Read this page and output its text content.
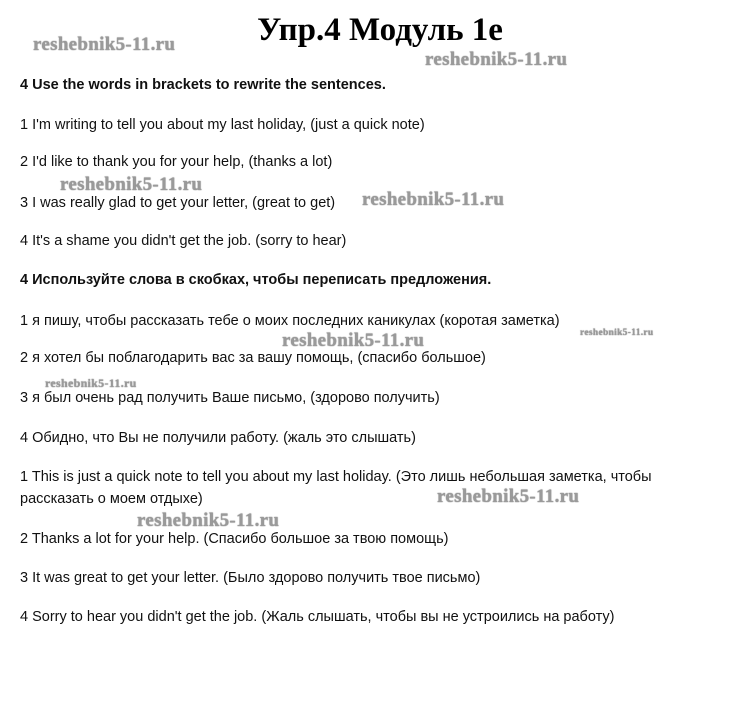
Упр.4 Модуль 1е
4 Use the words in brackets to rewrite the sentences.
1 I'm writing to tell you about my last holiday, (just a quick note)
2 I'd like to thank you for your help, (thanks a lot)
3 I was really glad to get your letter, (great to get)
4 It's a shame you didn't get the job. (sorry to hear)
4 Используйте слова в скобках, чтобы переписать предложения.
1 я пишу, чтобы рассказать тебе о моих последних каникулах (коротая заметка)
2 я хотел бы поблагодарить вас за вашу помощь, (спасибо большое)
3 я был очень рад получить Ваше письмо, (здорово получить)
4 Обидно, что Вы не получили работу. (жаль это слышать)
1 This is just a quick note to tell you about my last holiday. (Это лишь небольшая заметка, чтобы рассказать о моем отдыхе)
2 Thanks a lot for your help. (Спасибо большое за твою помощь)
3 It was great to get your letter. (Было здорово получить твое письмо)
4 Sorry to hear you didn't get the job. (Жаль слышать, чтобы вы не устроились на работу)
reshebnik5-11.ru
reshebnik5-11.ru
reshebnik5-11.ru
reshebnik5-11.ru
reshebnik5-11.ru	reshebnik5-11.ru
reshebnik5-11.ru
reshebnik5-11.ru
reshebnik5-11.ru
